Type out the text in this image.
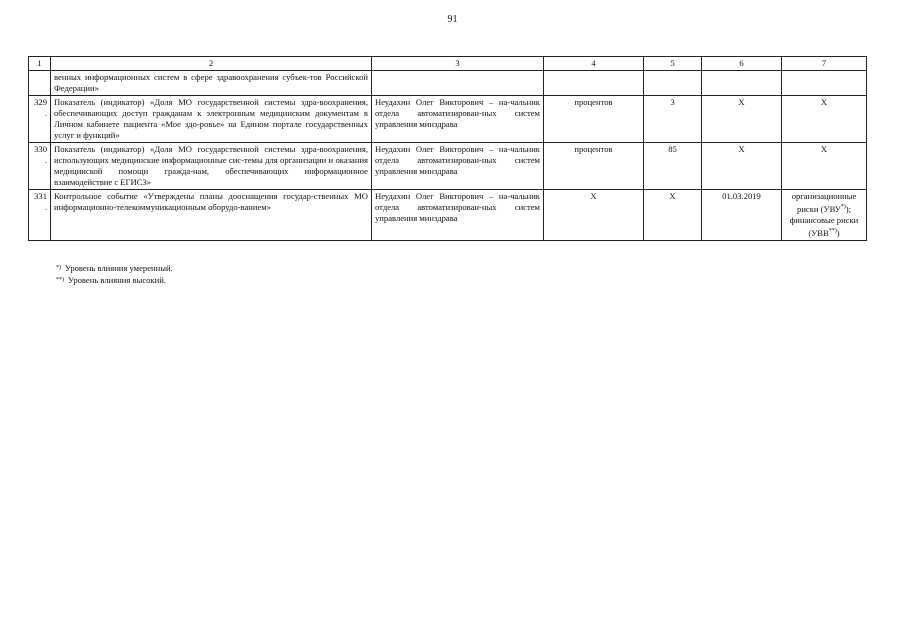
91
1	2	3	4	5	6	7
	венных информационных систем в сфере здравоохранения субъек-тов Российской Федерации»					
329.	Показатель (индикатор) «Доля МО государственной системы здра-воохранения, обеспечивающих доступ гражданам к электронным медицинским документам в Личном кабинете пациента «Мое здо-ровье» на Едином портале государственных услуг и функций»	Неудахин Олег Викторович – на-чальник отдела автоматизирован-ных систем управления минздрава	процентов	3	Х	Х
330.	Показатель (индикатор) «Доля МО государственной системы здра-воохранения, использующих медицинские информационные сис-темы для организации и оказания медицинской помощи гражда-нам, обеспечивающих информационное взаимодействие с ЕГИСЗ»	Неудахин Олег Викторович – на-чальник отдела автоматизирован-ных систем управления минздрава	процентов	85	Х	Х
331.	Контрольное событие «Утверждены планы дооснащения государ-ственных МО информационно-телекоммуникационным оборудо-ванием»	Неудахин Олег Викторович – на-чальник отдела автоматизирован-ных систем управления минздрава	Х	Х	01.03.2019	организационные
риски (УВУ*));
финансовые риски
(УВВ**))
*) Уровень влияния умеренный.
**) Уровень влияния высокий.
